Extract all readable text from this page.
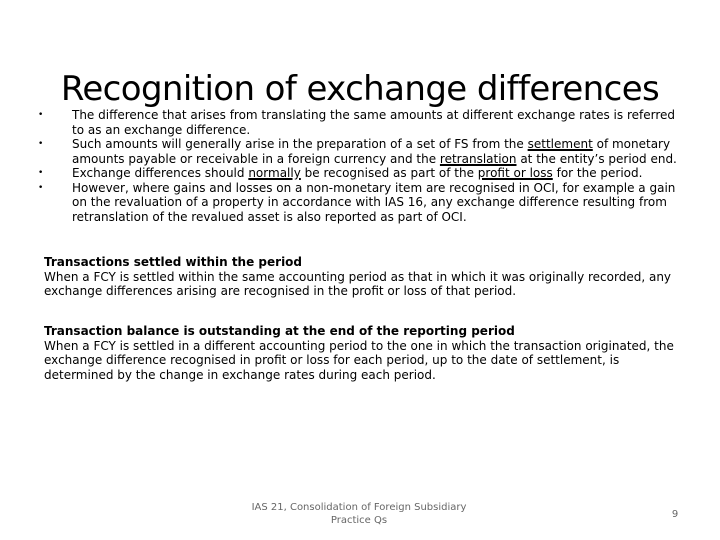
Recognition of exchange differences
•	The difference that arises from translating the same amounts at different exchange rates is referred to as an exchange difference.
•	Such amounts will generally arise in the preparation of a set of FS from the settlement of monetary amounts payable or receivable in a foreign currency and the retranslation at the entity’s period end.
•	Exchange differences should normally be recognised as part of the profit or loss for the period.
•	However, where gains and losses on a non-monetary item are recognised in OCI, for example a gain on the revaluation of a property in accordance with IAS 16, any exchange difference resulting from retranslation of the revalued asset is also reported as part of OCI.
Transactions settled within the period
When a FCY is settled within the same accounting period as that in which it was originally recorded, any exchange differences arising are recognised in the profit or loss of that period.
Transaction balance is outstanding at the end of the reporting period
When a FCY is settled in a different accounting period to the one in which the transaction originated, the exchange difference recognised in profit or loss for each period, up to the date of settlement, is determined by the change in exchange rates during each period.
IAS 21, Consolidation of Foreign Subsidiary Practice Qs
9
